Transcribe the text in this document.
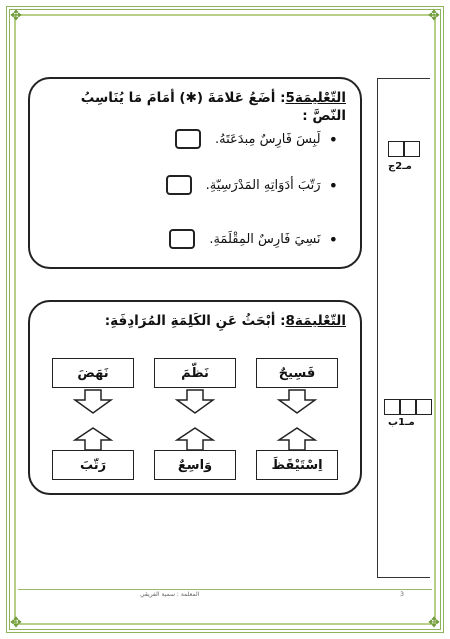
✥	✥
✥	✥
مـ2ج
مـ1ب
التّعْليمَة5: أضَعُ عَلامَةَ (✱) أمَامَ مَا يُنَاسِبُ النّصَّ :
•
لَبِسَ فَارِسٌ مِبدَعَتَهُ.
•
رَتّبَ أدَوَاتِهِ المَدْرَسِيّةِ.
•
نَسِيَ فَارِسٌ المِقْلَمَةِ.
التّعْليمَة8: أبْحَثُ عَنِ الكَلِمَةِ المُرَادِفَةِ:
فَسِيحٌ
نَظّمَ
نَهَضَ
اِسْتَيْقَظَ
وَاسِعٌ
رَتّبَ
المعلمة : سمية الفريقي	3
